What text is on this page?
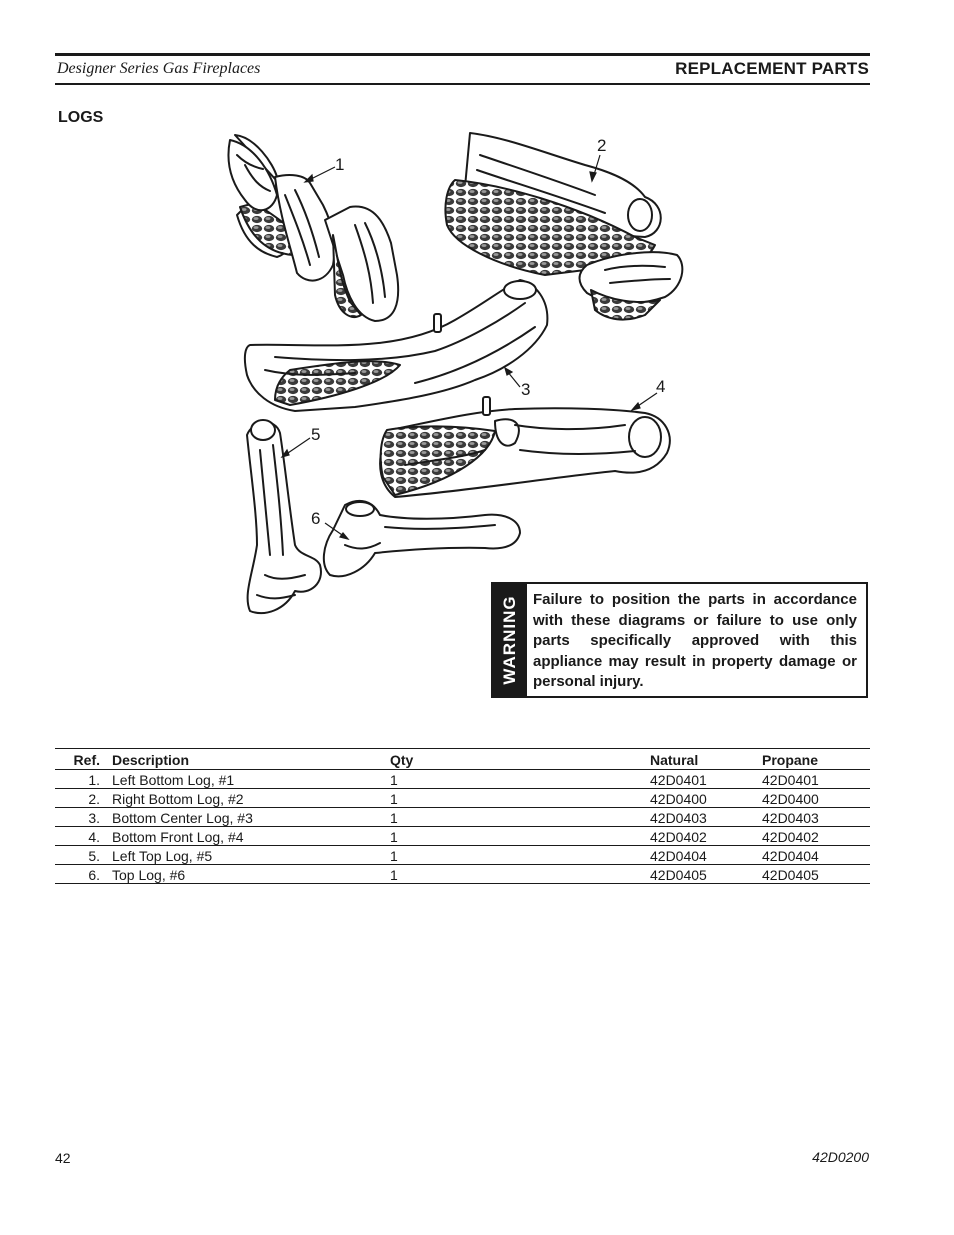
Designer Series Gas Fireplaces	REPLACEMENT PARTS
LOGS
1
2
3	4
5
6
WARNING Failure to position the parts in accordance with these diagrams or failure to use only parts specifically approved with this appliance may result in property damage or personal injury.
Ref.	Description	Qty	Natural	Propane
1.	Left Bottom Log, #1	1	42D0401	42D0401
2.	Right Bottom Log, #2	1	42D0400	42D0400
3.	Bottom Center Log, #3	1	42D0403	42D0403
4.	Bottom Front Log, #4	1	42D0402	42D0402
5.	Left Top Log, #5	1	42D0404	42D0404
6.	Top Log, #6	1	42D0405	42D0405
42	42D0200
